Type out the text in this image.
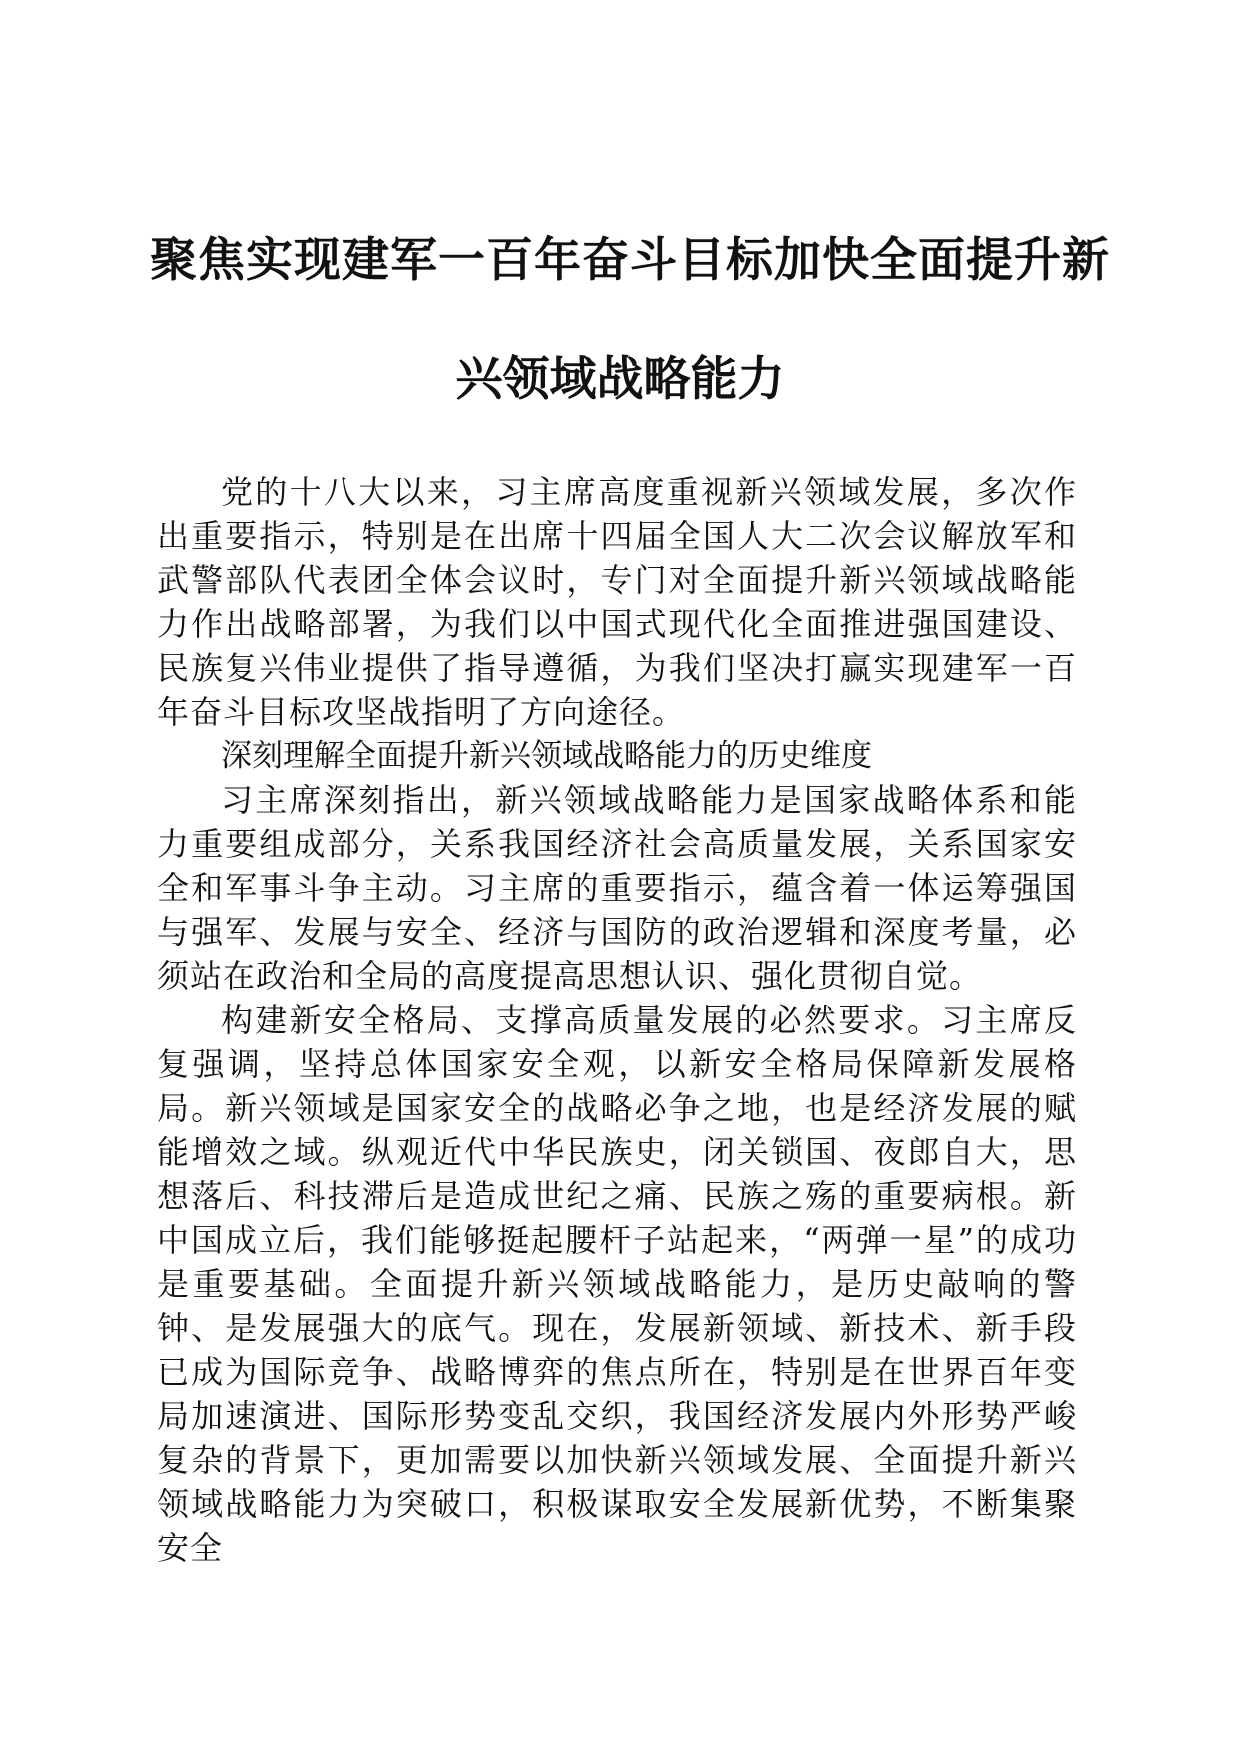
聚焦实现建军一百年奋斗目标加快全面提升新
兴领域战略能力

党的十八大以来，习主席高度重视新兴领域发展，多次作出重要指示，特别是在出席十四届全国人大二次会议解放军和武警部队代表团全体会议时，专门对全面提升新兴领域战略能力作出战略部署，为我们以中国式现代化全面推进强国建设、民族复兴伟业提供了指导遵循，为我们坚决打赢实现建军一百年奋斗目标攻坚战指明了方向途径。

深刻理解全面提升新兴领域战略能力的历史维度

习主席深刻指出，新兴领域战略能力是国家战略体系和能力重要组成部分，关系我国经济社会高质量发展，关系国家安全和军事斗争主动。习主席的重要指示，蕴含着一体运筹强国与强军、发展与安全、经济与国防的政治逻辑和深度考量，必须站在政治和全局的高度提高思想认识、强化贯彻自觉。

构建新安全格局、支撑高质量发展的必然要求。习主席反复强调，坚持总体国家安全观，以新安全格局保障新发展格局。新兴领域是国家安全的战略必争之地，也是经济发展的赋能增效之域。纵观近代中华民族史，闭关锁国、夜郎自大，思想落后、科技滞后是造成世纪之痛、民族之殇的重要病根。新中国成立后，我们能够挺起腰杆子站起来，“两弹一星”的成功是重要基础。全面提升新兴领域战略能力，是历史敲响的警钟、是发展强大的底气。现在，发展新领域、新技术、新手段已成为国际竞争、战略博弈的焦点所在，特别是在世界百年变局加速演进、国际形势变乱交织，我国经济发展内外形势严峻复杂的背景下，更加需要以加快新兴领域发展、全面提升新兴领域战略能力为突破口，积极谋取安全发展新优势，不断集聚安全
